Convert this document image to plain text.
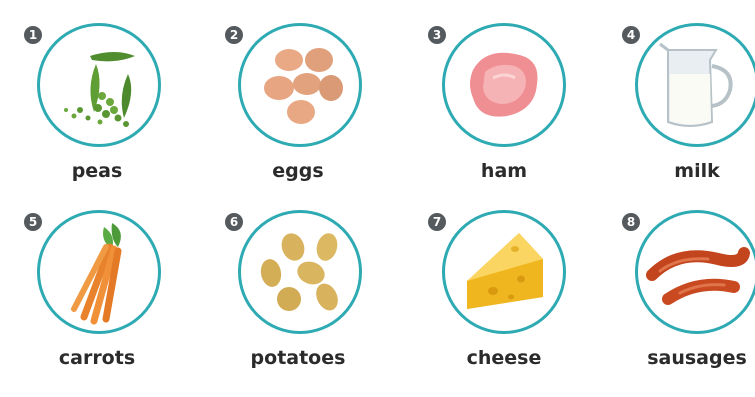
1
peas
2
eggs
3
ham
4
milk
5
carrots
6
potatoes
7
cheese
8
sausages
